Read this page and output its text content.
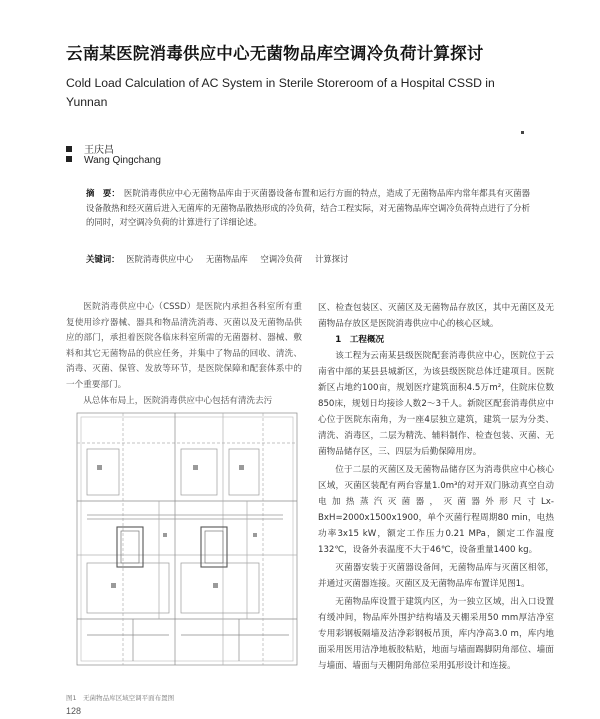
云南某医院消毒供应中心无菌物品库空调冷负荷计算探讨
Cold Load Calculation of AC System in Sterile Storeroom of a Hospital CSSD in Yunnan
王庆昌
Wang Qingchang
摘　要： 医院消毒供应中心无菌物品库由于灭菌器设备布置和运行方面的特点，造成了无菌物品库内常年都具有灭菌器设备散热和经灭菌后进入无菌库的无菌物品散热形成的冷负荷，结合工程实际，对无菌物品库空调冷负荷特点进行了分析的同时，对空调冷负荷的计算进行了详细论述。
关键词： 医院消毒供应中心 无菌物品库 空调冷负荷 计算探讨

医院消毒供应中心（CSSD）是医院内承担各科室所有重复使用诊疗器械、器具和物品清洗消毒、灭菌以及无菌物品供应的部门，承担着医院各临床科室所需的无菌器材、器械、敷料和其它无菌物品的供应任务，并集中了物品的回收、清洗、消毒、灭菌、保管、发放等环节，是医院保障和配套体系中的一个重要部门。

从总体布局上，医院消毒供应中心包括有清洗去污

图1　无菌物品库区域空调平面布置图
128

区、检查包装区、灭菌区及无菌物品存放区，其中无菌区及无菌物品存放区是医院消毒供应中心的核心区域。

1　工程概况

该工程为云南某县级医院配套消毒供应中心，医院位于云南省中部的某县县城新区，为该县级医院总体迁建项目。医院新区占地约100亩，规划医疗建筑面积4.5万m²，住院床位数850床，规划日均接诊人数2～3千人。新院区配套消毒供应中心位于医院东南角，为一座4层独立建筑，建筑一层为分类、清洗、消毒区，二层为精洗、辅料制作、检查包装、灭菌、无菌物品储存区，三、四层为后勤保障用房。

位于二层的灭菌区及无菌物品储存区为消毒供应中心核心区域，灭菌区装配有两台容量1.0m³的对开双门脉动真空自动电加热蒸汽灭菌器，灭菌器外形尺寸Lx-BxH=2000x1500x1900，单个灭菌行程周期80 min，电热功率3x15 kW，额定工作压力0.21 MPa，额定工作温度132℃，设备外表温度不大于46℃，设备重量1400 kg。

灭菌器安装于灭菌器设备间，无菌物品库与灭菌区相邻，并通过灭菌器连接。灭菌区及无菌物品库布置详见图1。

无菌物品库设置于建筑内区，为一独立区域，出入口设置有缓冲间，物品库外围护结构墙及天棚采用50 mm厚洁净室专用彩钢板隔墙及洁净彩钢板吊顶，库内净高3.0 m，库内地面采用医用洁净地板胶粘贴，地面与墙面踢脚阴角部位、墙面与墙面、墙面与天棚阴角部位采用弧形设计和连接。
